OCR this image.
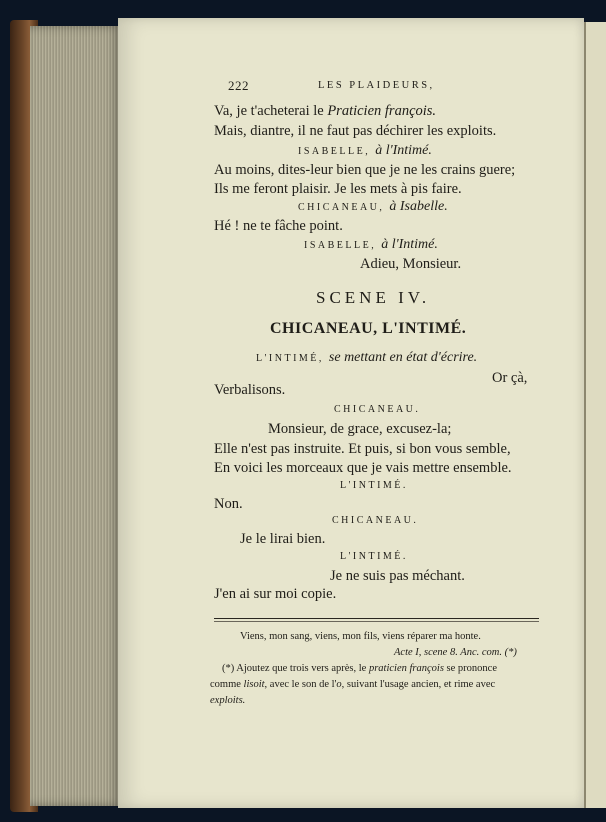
222	LES PLAIDEURS,
Va, je t'acheterai le Praticien françois.
Mais, diantre, il ne faut pas déchirer les exploits.
ISABELLE, à l'Intimé.
Au moins, dites-leur bien que je ne les crains guere;
Ils me feront plaisir. Je les mets à pis faire.
CHICANEAU, à Isabelle.
Hé ! ne te fâche point.
ISABELLE, à l'Intimé.
Adieu, Monsieur.
SCENE IV.
CHICANEAU, L'INTIMÉ.
L'INTIMÉ, se mettant en état d'écrire.
Or çà,
Verbalisons.
CHICANEAU.
Monsieur, de grace, excusez-la;
Elle n'est pas instruite. Et puis, si bon vous semble,
En voici les morceaux que je vais mettre ensemble.
L'INTIMÉ.
Non.
CHICANEAU.
Je le lirai bien.
L'INTIMÉ.
Je ne suis pas méchant.
J'en ai sur moi copie.
Viens, mon sang, viens, mon fils, viens réparer ma honte.
Acte I, scene 8. Anc. com. (*)
(*) Ajoutez que trois vers après, le praticien françois se prononce
comme lisoit, avec le son de l'o, suivant l'usage ancien, et rime avec
exploits.
